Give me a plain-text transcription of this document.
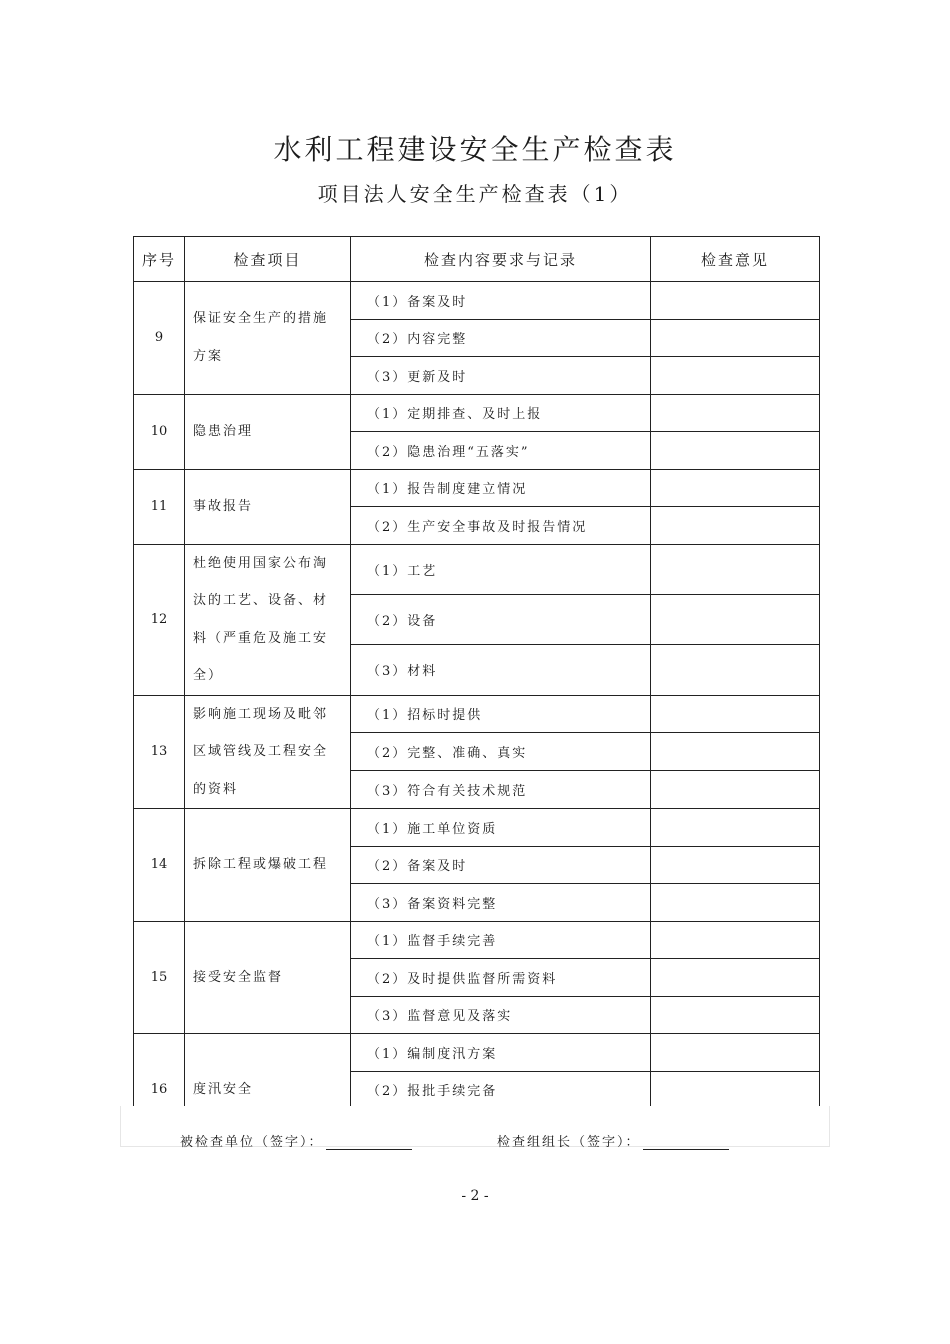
水利工程建设安全生产检查表
项目法人安全生产检查表（1）
序号	检查项目	检查内容要求与记录	检查意见
9	保证安全生产的措施方案	（1）备案及时	
		（2）内容完整	
		（3）更新及时	
10	隐患治理	（1）定期排查、及时上报	
		（2）隐患治理“五落实”	
11	事故报告	（1）报告制度建立情况	
		（2）生产安全事故及时报告情况	
12	杜绝使用国家公布淘汰的工艺、设备、材料（严重危及施工安全）	（1）工艺	
		（2）设备	
		（3）材料	
13	影响施工现场及毗邻区域管线及工程安全的资料	（1）招标时提供	
		（2）完整、准确、真实	
		（3）符合有关技术规范	
14	拆除工程或爆破工程	（1）施工单位资质	
		（2）备案及时	
		（3）备案资料完整	
15	接受安全监督	（1）监督手续完善	
		（2）及时提供监督所需资料	
		（3）监督意见及落实	
16	度汛安全	（1）编制度汛方案	
		（2）报批手续完备	

被检查单位（签字）：	检查组组长（签字）：
- 2 -
